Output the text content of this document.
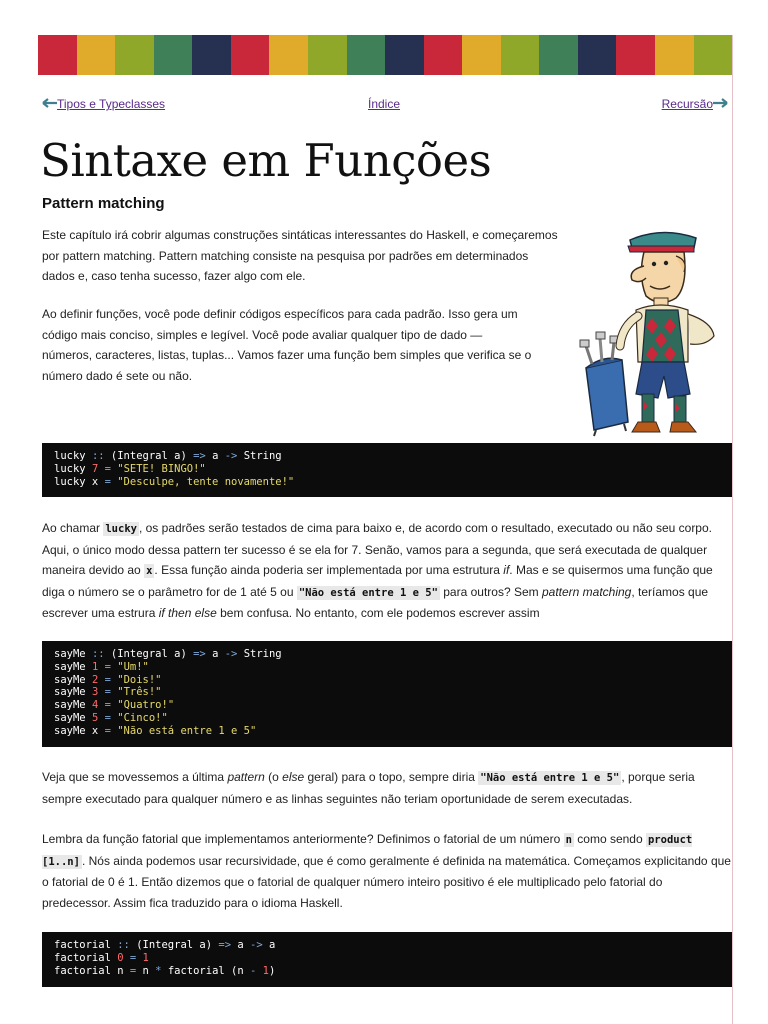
Tipos e Typeclasses	Índice	Recursão
Sintaxe em Funções
Pattern matching
Este capítulo irá cobrir algumas construções sintáticas interessantes do Haskell, e começaremos por pattern matching. Pattern matching consiste na pesquisa por padrões em determinados dados e, caso tenha sucesso, fazer algo com ele.
Ao definir funções, você pode definir códigos específicos para cada padrão. Isso gera um código mais conciso, simples e legível. Você pode avaliar qualquer tipo de dado — números, caracteres, listas, tuplas... Vamos fazer uma função bem simples que verifica se o número dado é sete ou não.
lucky :: (Integral a) => a -> String
lucky 7 = "SETE! BINGO!"
lucky x = "Desculpe, tente novamente!"
Ao chamar lucky , os padrões serão testados de cima para baixo e, de acordo com o resultado, executado ou não seu corpo. Aqui, o único modo dessa pattern ter sucesso é se ela for 7. Senão, vamos para a segunda, que será executada de qualquer maneira devido ao x . Essa função ainda poderia ser implementada por uma estrutura if. Mas e se quisermos uma função que diga o número se o parâmetro for de 1 até 5 ou "Não está entre 1 e 5" para outros? Sem pattern matching, teríamos que escrever uma estrura if then else bem confusa. No entanto, com ele podemos escrever assim
sayMe :: (Integral a) => a -> String
sayMe 1 = "Um!"
sayMe 2 = "Dois!"
sayMe 3 = "Três!"
sayMe 4 = "Quatro!"
sayMe 5 = "Cinco!"
sayMe x = "Não está entre 1 e 5"
Veja que se movessemos a última pattern (o else geral) para o topo, sempre diria "Não está entre 1 e 5" , porque seria sempre executado para qualquer número e as linhas seguintes não teriam oportunidade de serem executadas.
Lembra da função fatorial que implementamos anteriormente? Definimos o fatorial de um número n como sendo product [1..n] . Nós ainda podemos usar recursividade, que é como geralmente é definida na matemática. Começamos explicitando que o fatorial de 0 é 1. Então dizemos que o fatorial de qualquer número inteiro positivo é ele multiplicado pelo fatorial do predecessor. Assim fica traduzido para o idioma Haskell.
factorial :: (Integral a) => a -> a
factorial 0 = 1
factorial n = n * factorial (n - 1)
